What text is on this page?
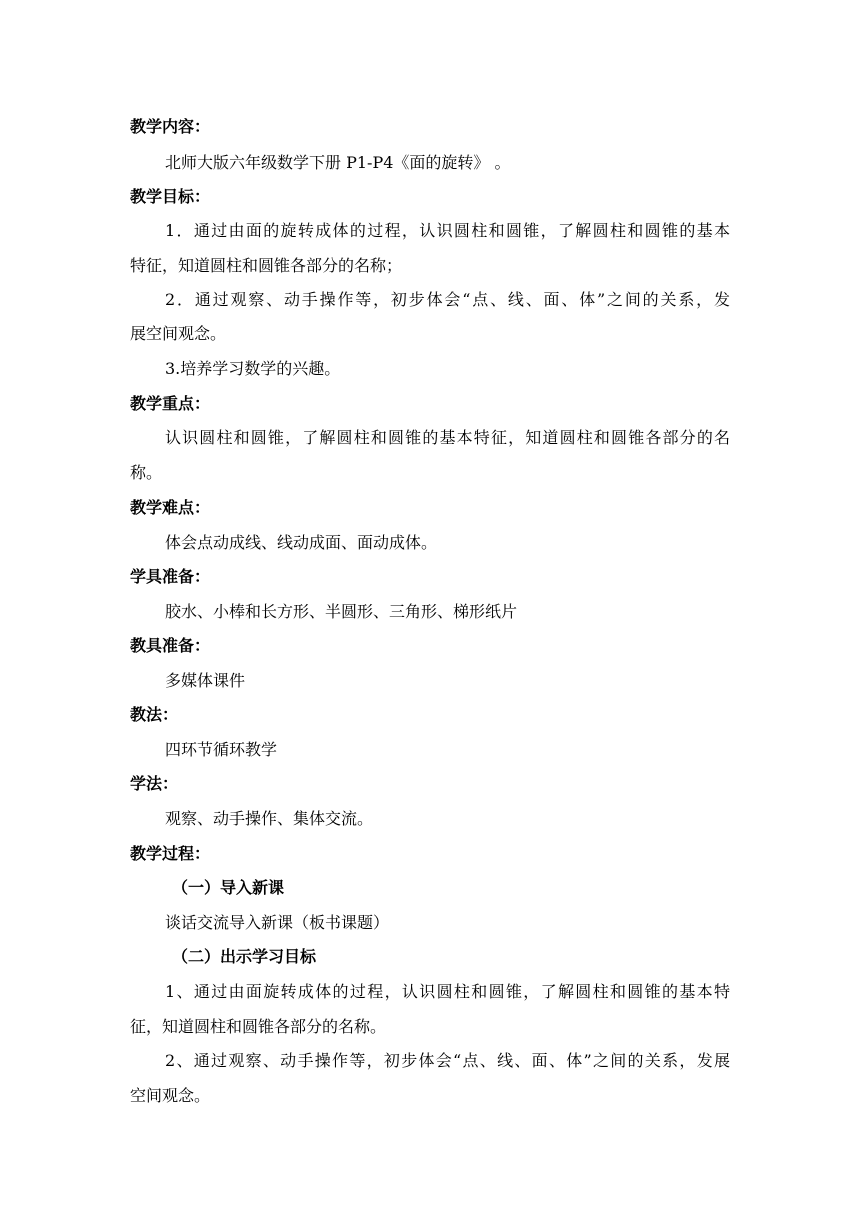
教学内容：
北师大版六年级数学下册 P1-P4《面的旋转》 。
教学目标：
1．通过由面的旋转成体的过程，认识圆柱和圆锥，了解圆柱和圆锥的基本
特征，知道圆柱和圆锥各部分的名称；
2．通过观察、动手操作等，初步体会“点、线、面、体”之间的关系，发
展空间观念。
3.培养学习数学的兴趣。
教学重点：
认识圆柱和圆锥，了解圆柱和圆锥的基本特征，知道圆柱和圆锥各部分的名
称。
教学难点：
体会点动成线、线动成面、面动成体。
学具准备：
胶水、小棒和长方形、半圆形、三角形、梯形纸片
教具准备：
多媒体课件
教法：
四环节循环教学
学法：
观察、动手操作、集体交流。
教学过程：
（一）导入新课
谈话交流导入新课（板书课题）
（二）出示学习目标
1、通过由面旋转成体的过程，认识圆柱和圆锥，了解圆柱和圆锥的基本特
征，知道圆柱和圆锥各部分的名称。
2、通过观察、动手操作等，初步体会“点、线、面、体”之间的关系，发展
空间观念。
